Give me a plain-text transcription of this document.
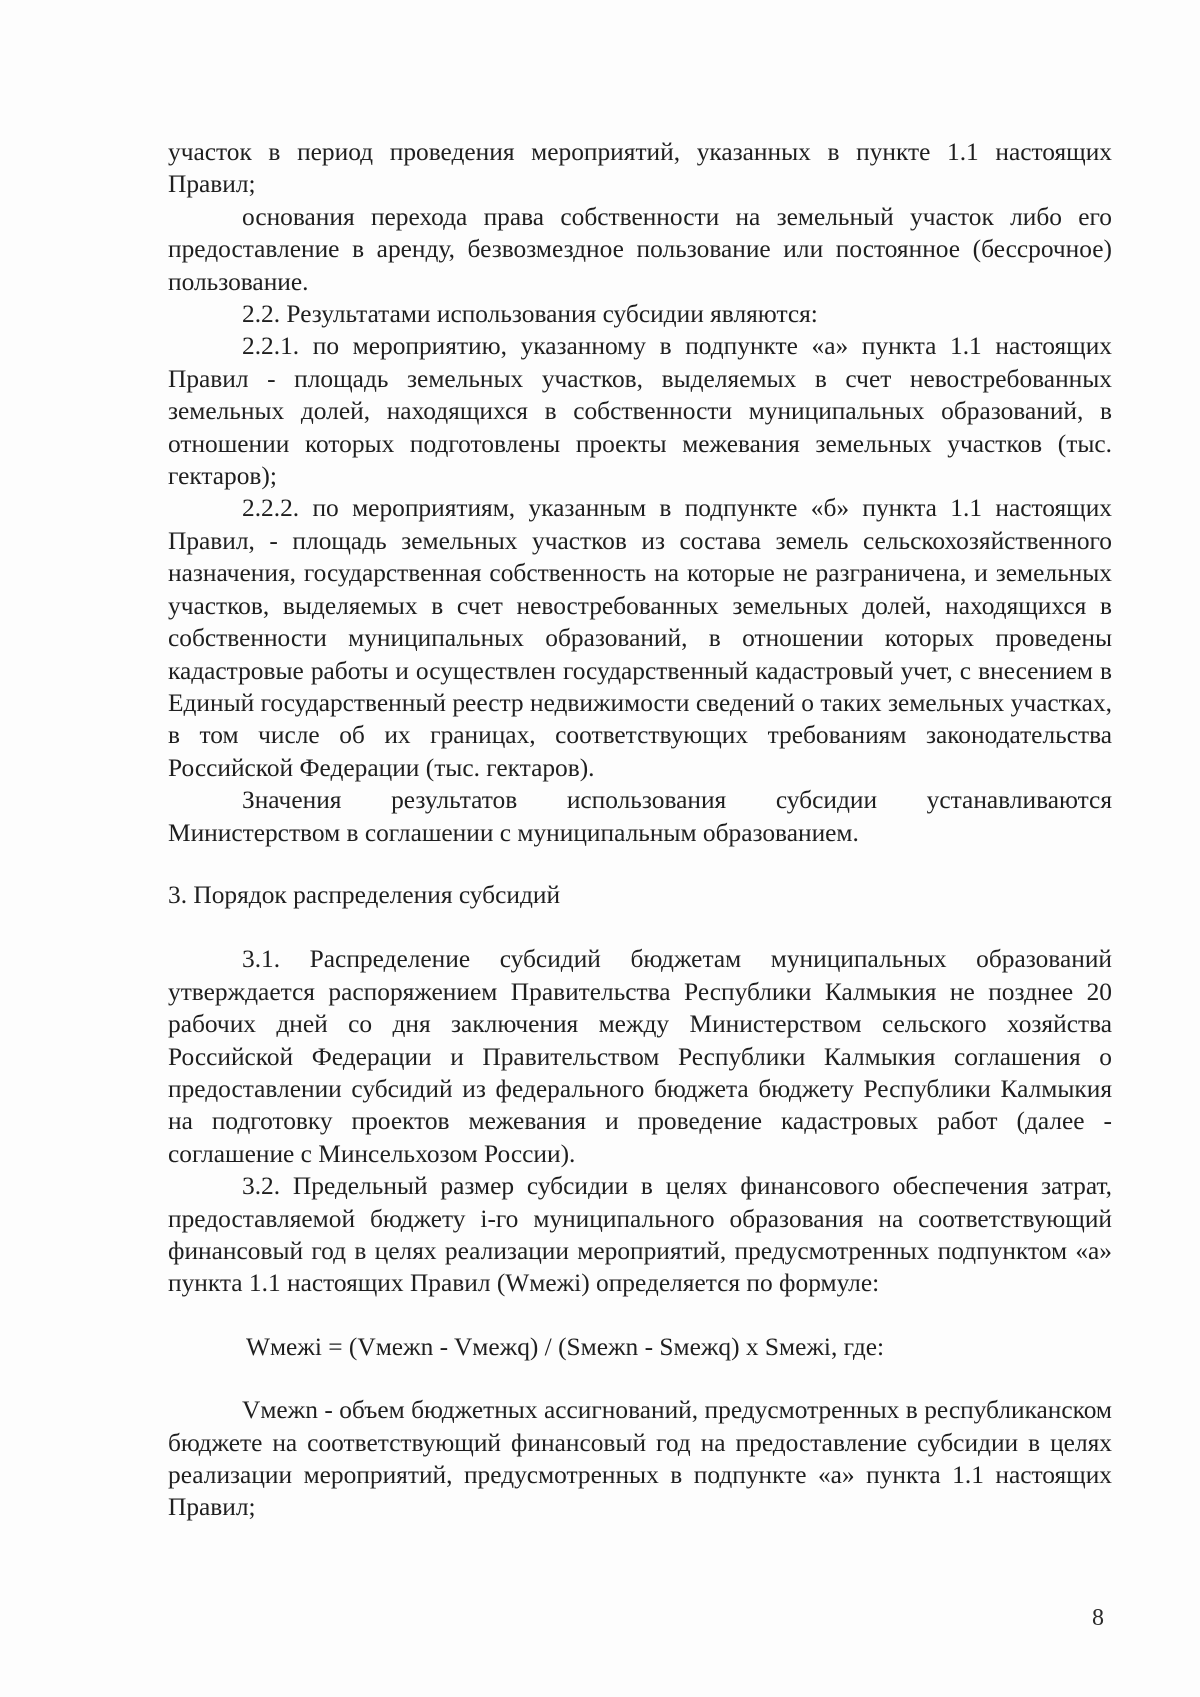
участок в период проведения мероприятий, указанных в пункте 1.1 настоящих Правил;

основания перехода права собственности на земельный участок либо его предоставление в аренду, безвозмездное пользование или постоянное (бессрочное) пользование.

2.2. Результатами использования субсидии являются:

2.2.1. по мероприятию, указанному в подпункте «а» пункта 1.1 настоящих Правил - площадь земельных участков, выделяемых в счет невостребованных земельных долей, находящихся в собственности муниципальных образований, в отношении которых подготовлены проекты межевания земельных участков (тыс. гектаров);

2.2.2. по мероприятиям, указанным в подпункте «б» пункта 1.1 настоящих Правил, - площадь земельных участков из состава земель сельскохозяйственного назначения, государственная собственность на которые не разграничена, и земельных участков, выделяемых в счет невостребованных земельных долей, находящихся в собственности муниципальных образований, в отношении которых проведены кадастровые работы и осуществлен государственный кадастровый учет, с внесением в Единый государственный реестр недвижимости сведений о таких земельных участках, в том числе об их границах, соответствующих требованиям законодательства Российской Федерации (тыс. гектаров).

Значения результатов использования субсидии устанавливаются Министерством в соглашении с муниципальным образованием.

3. Порядок распределения субсидий

3.1. Распределение субсидий бюджетам муниципальных образований утверждается распоряжением Правительства Республики Калмыкия не позднее 20 рабочих дней со дня заключения между Министерством сельского хозяйства Российской Федерации и Правительством Республики Калмыкия соглашения о предоставлении субсидий из федерального бюджета бюджету Республики Калмыкия на подготовку проектов межевания и проведение кадастровых работ (далее - соглашение с Минсельхозом России).

3.2. Предельный размер субсидии в целях финансового обеспечения затрат, предоставляемой бюджету i-го муниципального образования на соответствующий финансовый год в целях реализации мероприятий, предусмотренных подпунктом «а» пункта 1.1 настоящих Правил (Wмежi) определяется по формуле:

Wмежi = (Vмежn - Vмежq) / (Sмежn - Sмежq) x Sмежi, где:

Vмежn - объем бюджетных ассигнований, предусмотренных в республиканском бюджете на соответствующий финансовый год на предоставление субсидии в целях реализации мероприятий, предусмотренных в подпункте «а» пункта 1.1 настоящих Правил;

8
